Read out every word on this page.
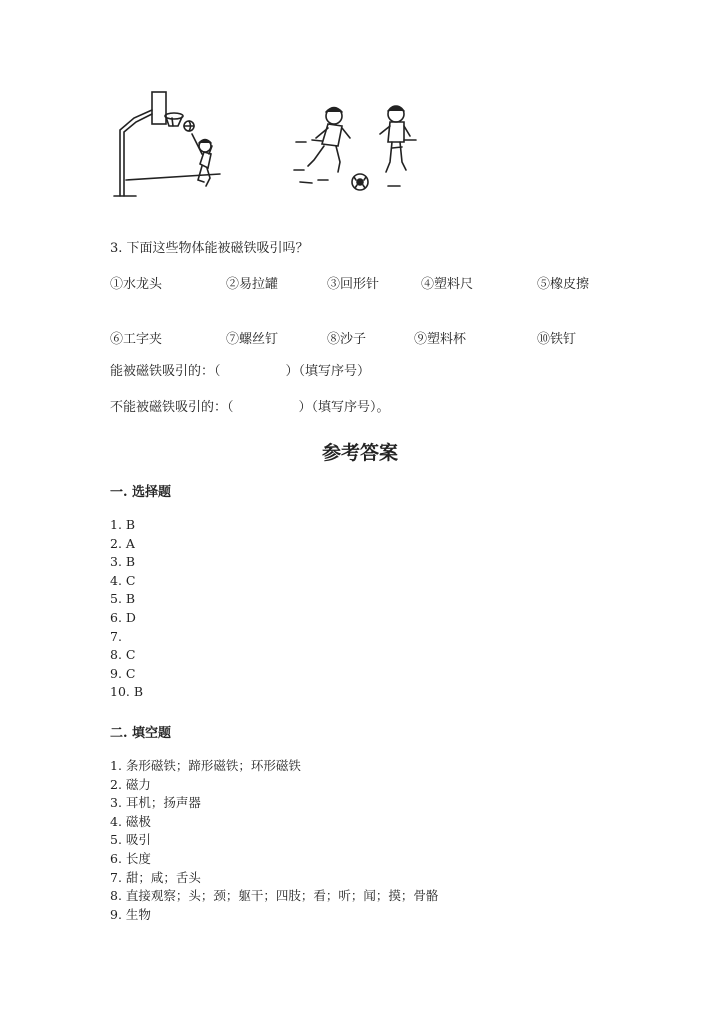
3. 下面这些物体能被磁铁吸引吗？
①水龙头	②易拉罐	③回形针	④塑料尺	⑤橡皮擦
⑥工字夹	⑦螺丝钉	⑧沙子	⑨塑料杯	⑩铁钉
能被磁铁吸引的：（　　　　　）（填写序号）
不能被磁铁吸引的：（　　　　　）（填写序号）。
参考答案
一. 选择题
1. B
2. A
3. B
4. C
5. B
6. D
7.
8. C
9. C
10. B
二. 填空题
1. 条形磁铁；蹄形磁铁；环形磁铁
2. 磁力
3. 耳机；扬声器
4. 磁极
5. 吸引
6. 长度
7. 甜；咸；舌头
8. 直接观察；头；颈；躯干；四肢；看；听；闻；摸；骨骼
9. 生物
